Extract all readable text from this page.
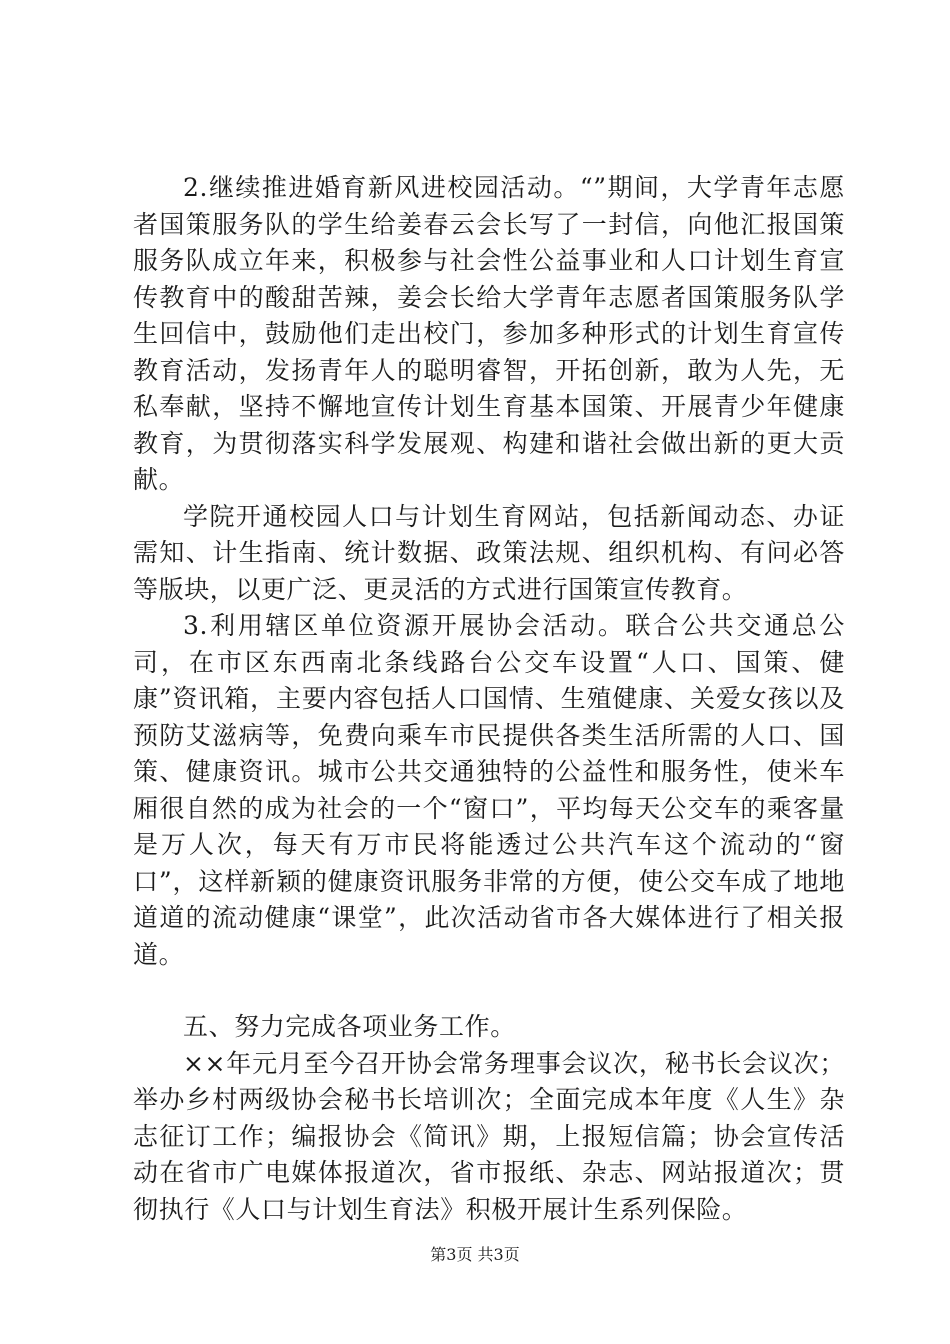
2.继续推进婚育新风进校园活动。“”期间，大学青年志愿者国策服务队的学生给姜春云会长写了一封信，向他汇报国策服务队成立年来，积极参与社会性公益事业和人口计划生育宣传教育中的酸甜苦辣，姜会长给大学青年志愿者国策服务队学生回信中，鼓励他们走出校门，参加多种形式的计划生育宣传教育活动，发扬青年人的聪明睿智，开拓创新，敢为人先，无私奉献，坚持不懈地宣传计划生育基本国策、开展青少年健康教育，为贯彻落实科学发展观、构建和谐社会做出新的更大贡献。

学院开通校园人口与计划生育网站，包括新闻动态、办证需知、计生指南、统计数据、政策法规、组织机构、有问必答等版块，以更广泛、更灵活的方式进行国策宣传教育。

3.利用辖区单位资源开展协会活动。联合公共交通总公司，在市区东西南北条线路台公交车设置“人口、国策、健康”资讯箱，主要内容包括人口国情、生殖健康、关爱女孩以及预防艾滋病等，免费向乘车市民提供各类生活所需的人口、国策、健康资讯。城市公共交通独特的公益性和服务性，使米车厢很自然的成为社会的一个“窗口”，平均每天公交车的乘客量是万人次，每天有万市民将能透过公共汽车这个流动的“窗口”，这样新颖的健康资讯服务非常的方便，使公交车成了地地道道的流动健康“课堂”，此次活动省市各大媒体进行了相关报道。

五、努力完成各项业务工作。

××年元月至今召开协会常务理事会议次，秘书长会议次；举办乡村两级协会秘书长培训次；全面完成本年度《人生》杂志征订工作；编报协会《简讯》期，上报短信篇；协会宣传活动在省市广电媒体报道次，省市报纸、杂志、网站报道次；贯彻执行《人口与计划生育法》积极开展计生系列保险。

第3页 共3页
